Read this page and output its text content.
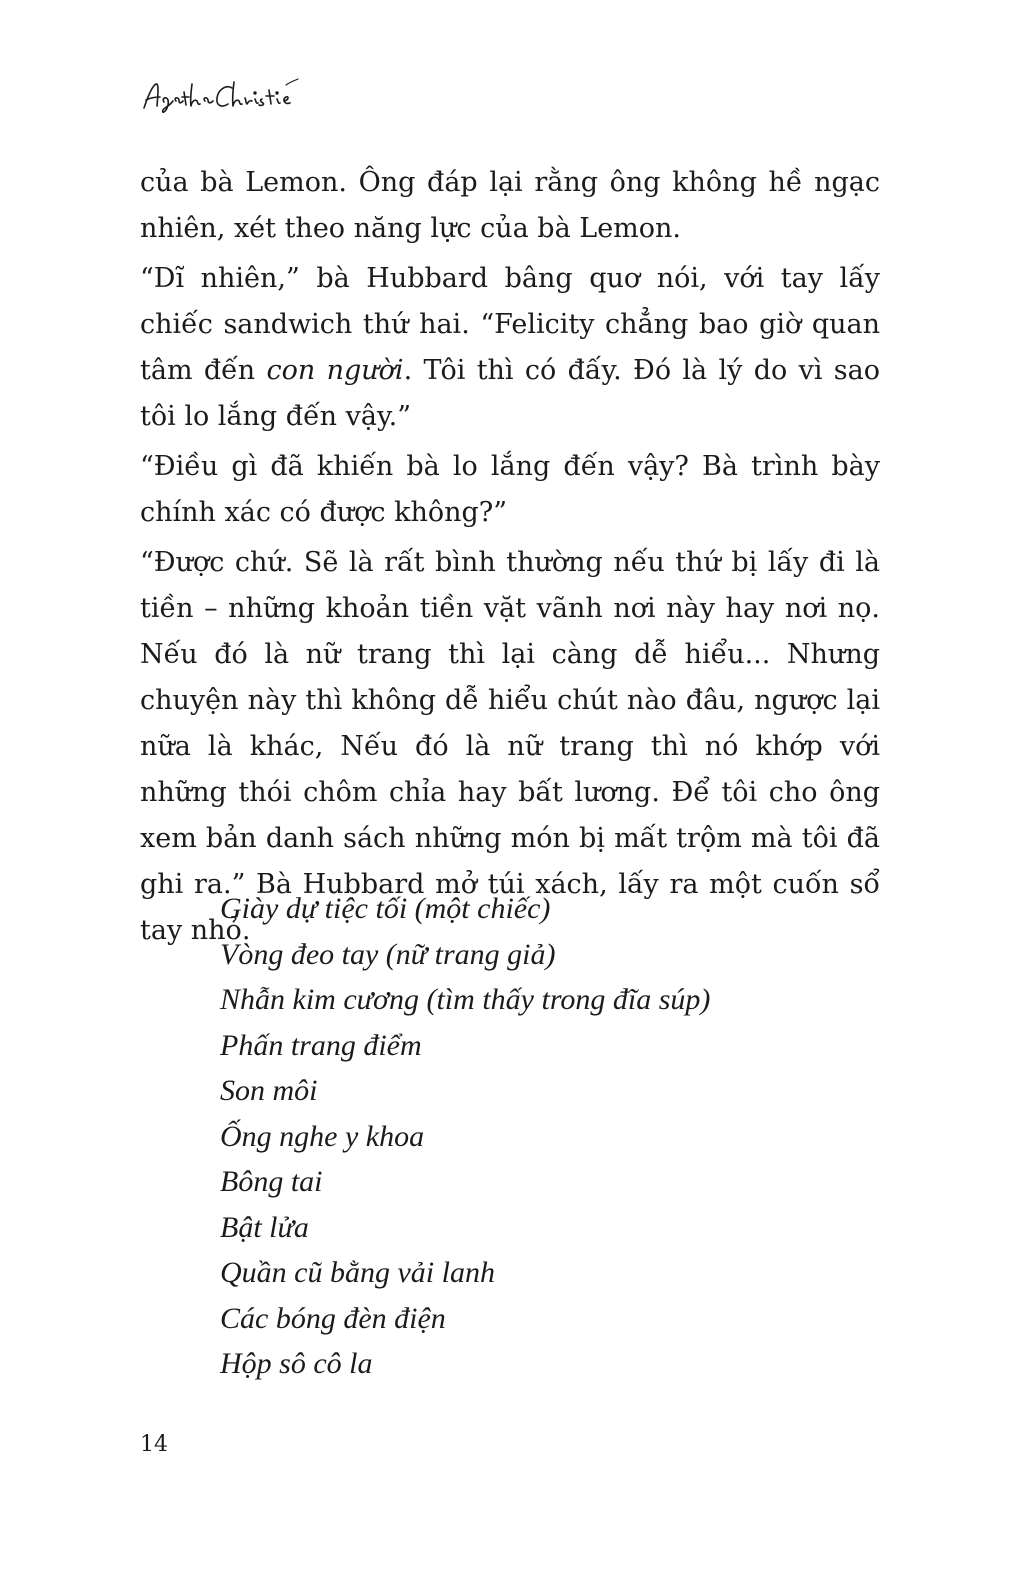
của bà Lemon. Ông đáp lại rằng ông không hề ngạc nhiên, xét theo năng lực của bà Lemon.

“Dĩ nhiên,” bà Hubbard bâng quơ nói, với tay lấy chiếc sandwich thứ hai. “Felicity chẳng bao giờ quan tâm đến con người. Tôi thì có đấy. Đó là lý do vì sao tôi lo lắng đến vậy.”

“Điều gì đã khiến bà lo lắng đến vậy? Bà trình bày chính xác có được không?”

“Được chứ. Sẽ là rất bình thường nếu thứ bị lấy đi là tiền – những khoản tiền vặt vãnh nơi này hay nơi nọ. Nếu đó là nữ trang thì lại càng dễ hiểu... Nhưng chuyện này thì không dễ hiểu chút nào đâu, ngược lại nữa là khác, Nếu đó là nữ trang thì nó khớp với những thói chôm chỉa hay bất lương. Để tôi cho ông xem bản danh sách những món bị mất trộm mà tôi đã ghi ra.” Bà Hubbard mở túi xách, lấy ra một cuốn sổ tay nhỏ.

Giày dự tiệc tối (một chiếc)
Vòng đeo tay (nữ trang giả)
Nhẫn kim cương (tìm thấy trong đĩa súp)
Phấn trang điểm
Son môi
Ống nghe y khoa
Bông tai
Bật lửa
Quần cũ bằng vải lanh
Các bóng đèn điện
Hộp sô cô la
14
